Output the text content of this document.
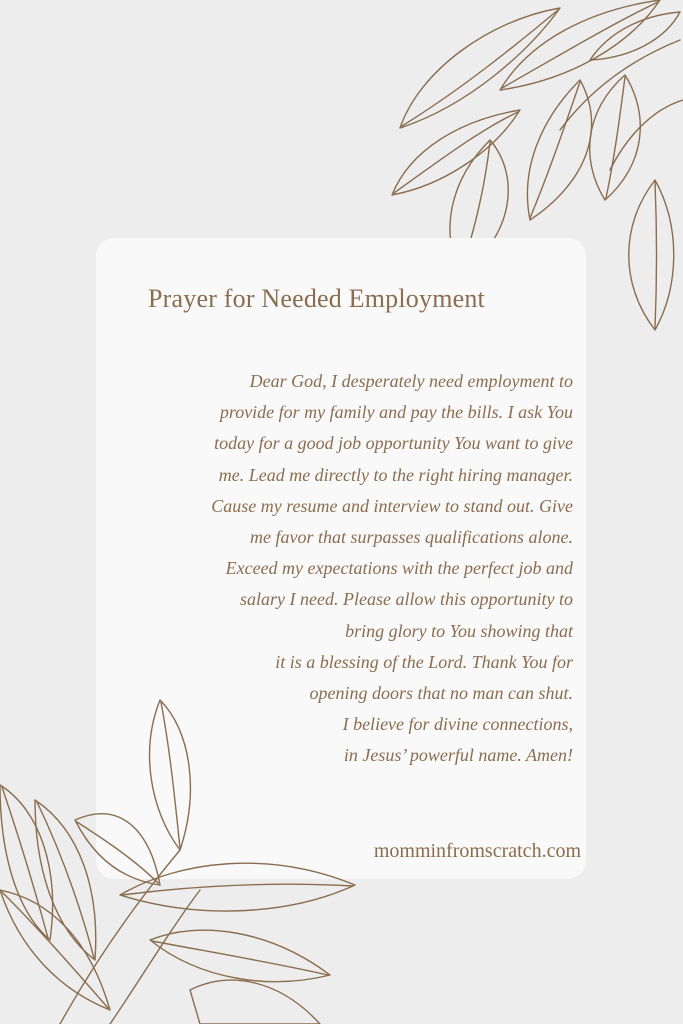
Prayer for Needed Employment
Dear God, I desperately need employment to
provide for my family and pay the bills. I ask You
today for a good job opportunity You want to give
me. Lead me directly to the right hiring manager.
Cause my resume and interview to stand out. Give
me favor that surpasses qualifications alone.
Exceed my expectations with the perfect job and
salary I need. Please allow this opportunity to
bring glory to You showing that
it is a blessing of the Lord. Thank You for
opening doors that no man can shut.
I believe for divine connections,
in Jesus’ powerful name. Amen!
momminfromscratch.com
